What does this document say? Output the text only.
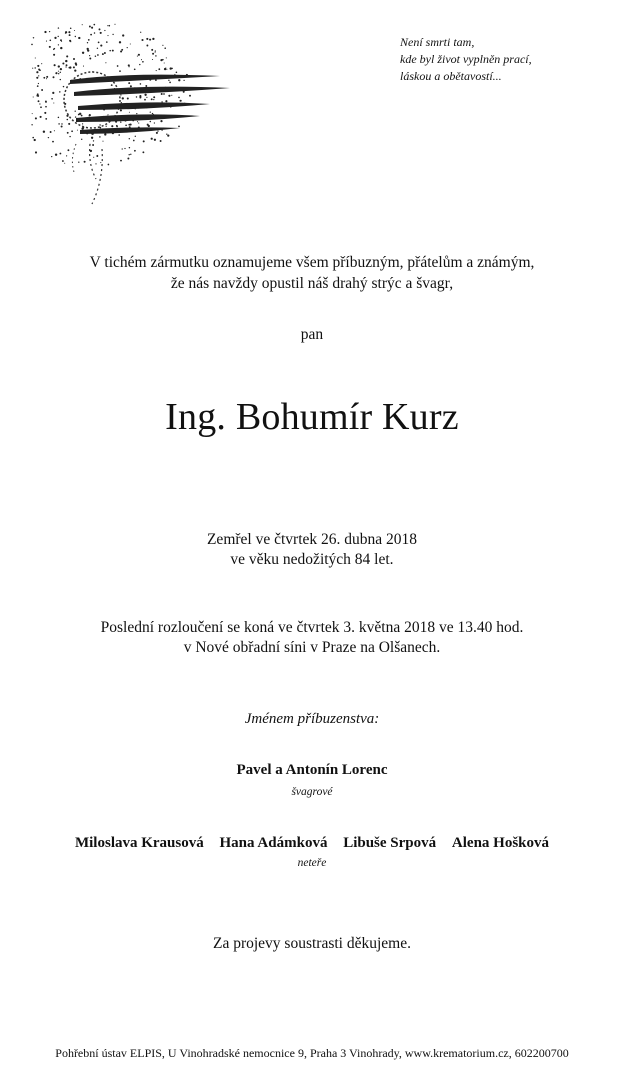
Není smrti tam,
kde byl život vyplněn prací,
láskou a obětavostí...
V tichém zármutku oznamujeme všem příbuzným, přátelům a známým,
že nás navždy opustil náš drahý strýc a švagr,
pan
Ing. Bohumír Kurz
Zemřel ve čtvrtek 26. dubna 2018
ve věku nedožitých 84 let.
Poslední rozloučení se koná ve čtvrtek 3. května 2018 ve 13.40 hod.
v Nové obřadní síni v Praze na Olšanech.
Jménem příbuzenstva:
Pavel a Antonín Lorenc
švagrové
Miloslava Krausová Hana Adámková Libuše Srpová Alena Hošková
neteře
Za projevy soustrasti děkujeme.
Pohřební ústav ELPIS, U Vinohradské nemocnice 9, Praha 3 Vinohrady, www.krematorium.cz, 602200700
